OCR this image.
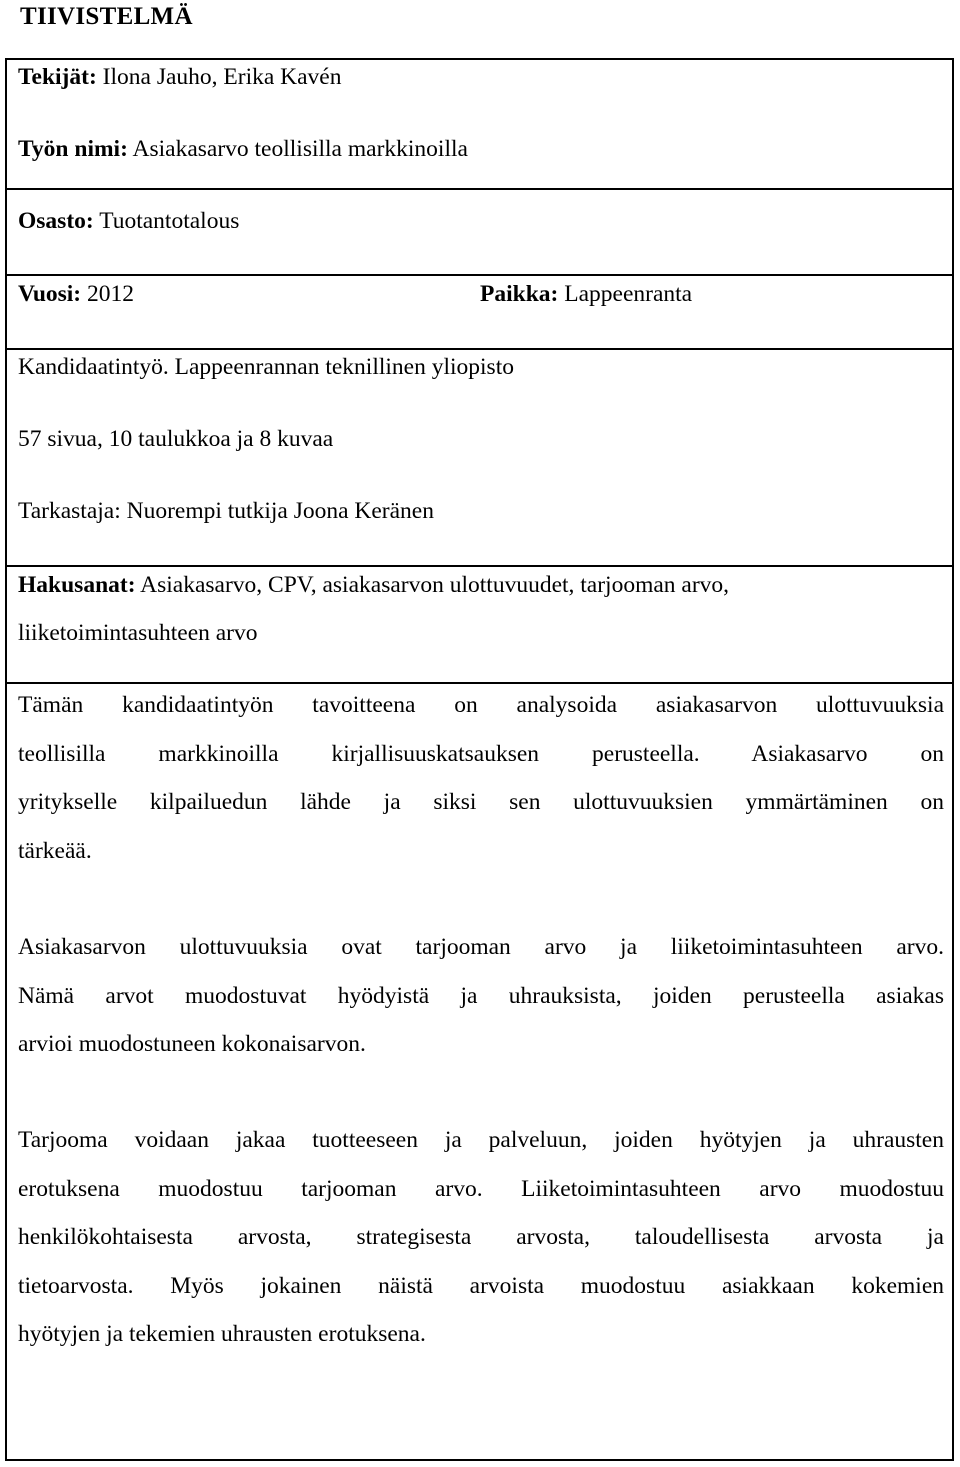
TIIVISTELMÄ
Tekijät: Ilona Jauho, Erika Kavén
Työn nimi: Asiakasarvo teollisilla markkinoilla
Osasto: Tuotantotalous
Vuosi: 2012	Paikka: Lappeenranta
Kandidaatintyö. Lappeenrannan teknillinen yliopisto
57 sivua, 10 taulukkoa ja 8 kuvaa
Tarkastaja: Nuorempi tutkija Joona Keränen
Hakusanat: Asiakasarvo, CPV, asiakasarvon ulottuvuudet, tarjooman arvo,
liiketoimintasuhteen arvo
Tämän kandidaatintyön tavoitteena on analysoida asiakasarvon ulottuvuuksia
teollisilla markkinoilla kirjallisuuskatsauksen perusteella. Asiakasarvo on
yritykselle kilpailuedun lähde ja siksi sen ulottuvuuksien ymmärtäminen on
tärkeää.
Asiakasarvon ulottuvuuksia ovat tarjooman arvo ja liiketoimintasuhteen arvo.
Nämä arvot muodostuvat hyödyistä ja uhrauksista, joiden perusteella asiakas
arvioi muodostuneen kokonaisarvon.
Tarjooma voidaan jakaa tuotteeseen ja palveluun, joiden hyötyjen ja uhrausten
erotuksena muodostuu tarjooman arvo. Liiketoimintasuhteen arvo muodostuu
henkilökohtaisesta arvosta, strategisesta arvosta, taloudellisesta arvosta ja
tietoarvosta. Myös jokainen näistä arvoista muodostuu asiakkaan kokemien
hyötyjen ja tekemien uhrausten erotuksena.
